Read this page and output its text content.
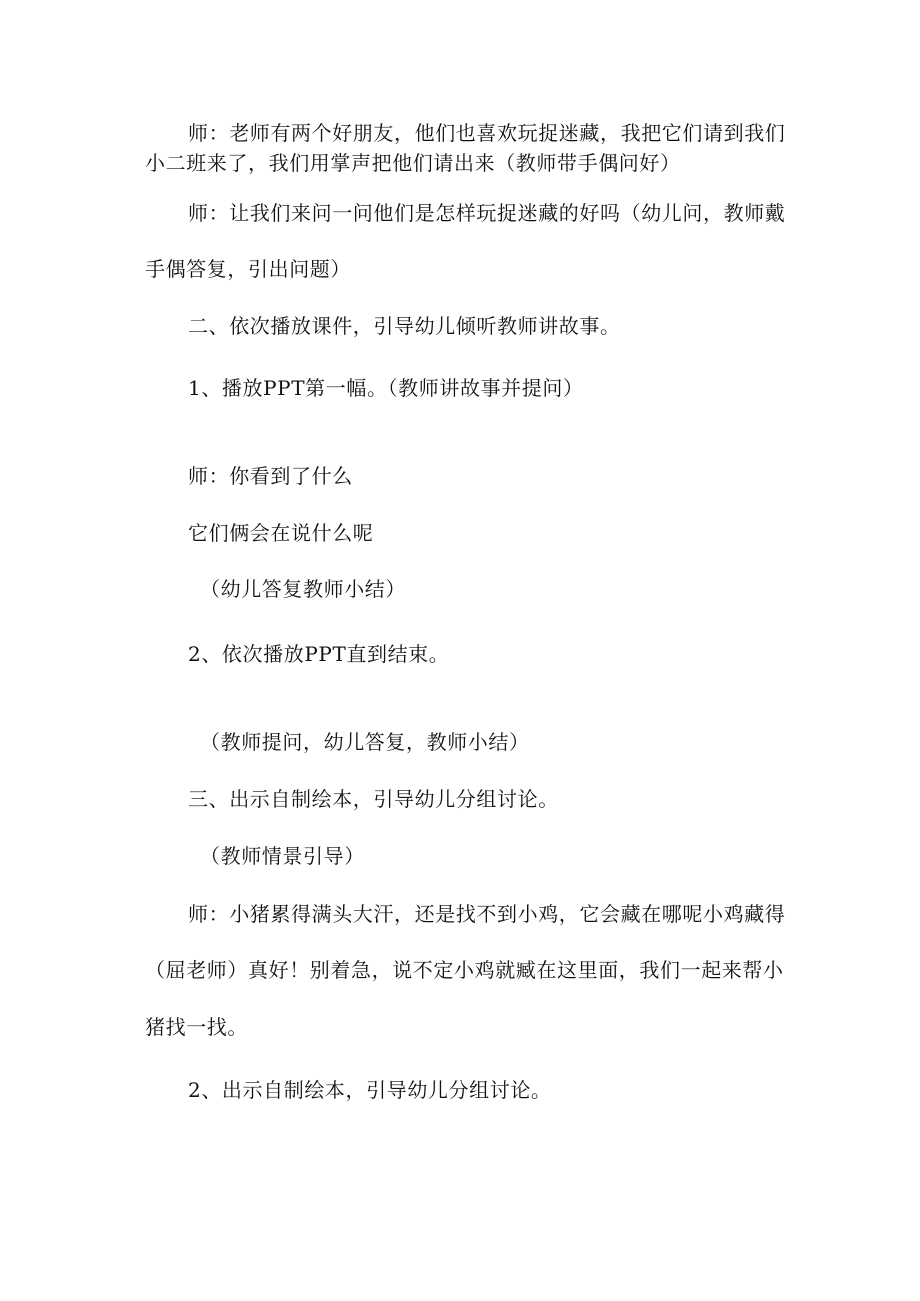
师：老师有两个好朋友，他们也喜欢玩捉迷藏，我把它们请到我们
小二班来了，我们用掌声把他们请出来（教师带手偶问好）
师：让我们来问一问他们是怎样玩捉迷藏的好吗（幼儿问，教师戴
手偶答复，引出问题）
二、依次播放课件，引导幼儿倾听教师讲故事。
1、播放PPT第一幅。（教师讲故事并提问）
师：你看到了什么
它们俩会在说什么呢
（幼儿答复教师小结）
2、依次播放PPT直到结束。
（教师提问，幼儿答复，教师小结）
三、出示自制绘本，引导幼儿分组讨论。
（教师情景引导）
师：小猪累得满头大汗，还是找不到小鸡，它会藏在哪呢小鸡藏得
（屈老师）真好！别着急，说不定小鸡就臧在这里面，我们一起来帮小
猪找一找。
2、出示自制绘本，引导幼儿分组讨论。
